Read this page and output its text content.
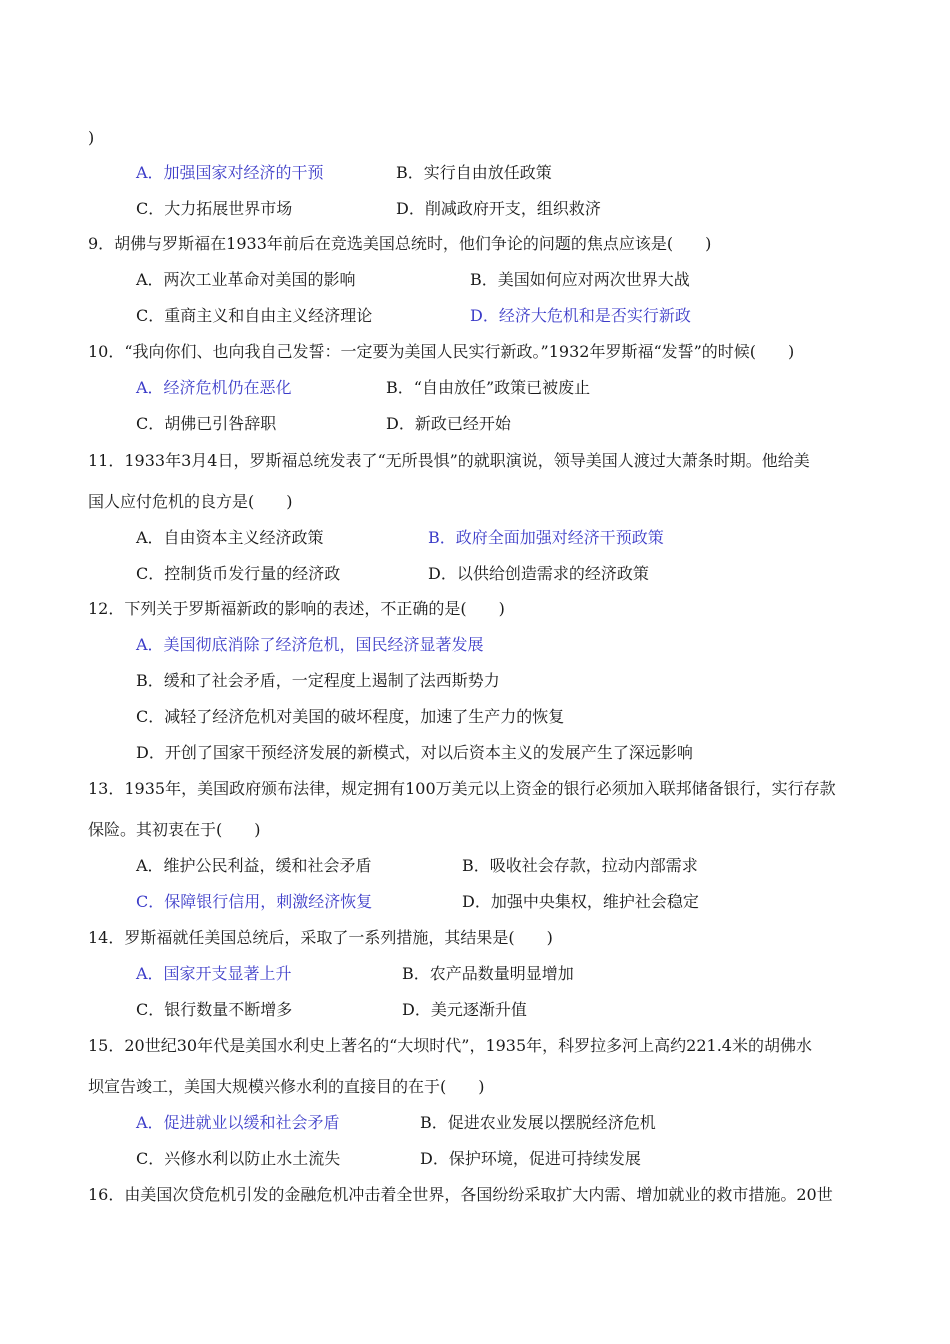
)
A．加强国家对经济的干预	B．实行自由放任政策
C．大力拓展世界市场	D．削减政府开支，组织救济
9．胡佛与罗斯福在1933年前后在竞选美国总统时，他们争论的问题的焦点应该是(　　)
A．两次工业革命对美国的影响	B．美国如何应对两次世界大战
C．重商主义和自由主义经济理论	D．经济大危机和是否实行新政
10．“我向你们、也向我自己发誓：一定要为美国人民实行新政。”1932年罗斯福“发誓”的时候(　　)
A．经济危机仍在恶化	B．“自由放任”政策已被废止
C．胡佛已引咎辞职	D．新政已经开始
11．1933年3月4日，罗斯福总统发表了“无所畏惧”的就职演说，领导美国人渡过大萧条时期。他给美
国人应付危机的良方是(　　)
A．自由资本主义经济政策	B．政府全面加强对经济干预政策
C．控制货币发行量的经济政	D．以供给创造需求的经济政策
12．下列关于罗斯福新政的影响的表述，不正确的是(　　)
A．美国彻底消除了经济危机，国民经济显著发展
B．缓和了社会矛盾，一定程度上遏制了法西斯势力
C．减轻了经济危机对美国的破坏程度，加速了生产力的恢复
D．开创了国家干预经济发展的新模式，对以后资本主义的发展产生了深远影响
13．1935年，美国政府颁布法律，规定拥有100万美元以上资金的银行必须加入联邦储备银行，实行存款
保险。其初衷在于(　　)
A．维护公民利益，缓和社会矛盾	B．吸收社会存款，拉动内部需求
C．保障银行信用，刺激经济恢复	D．加强中央集权，维护社会稳定
14．罗斯福就任美国总统后，采取了一系列措施，其结果是(　　)
A．国家开支显著上升	B．农产品数量明显增加
C．银行数量不断增多	D．美元逐渐升值
15．20世纪30年代是美国水利史上著名的“大坝时代”，1935年，科罗拉多河上高约221.4米的胡佛水
坝宣告竣工，美国大规模兴修水利的直接目的在于(　　)
A．促进就业以缓和社会矛盾	B．促进农业发展以摆脱经济危机
C．兴修水利以防止水土流失	D．保护环境，促进可持续发展
16．由美国次贷危机引发的金融危机冲击着全世界，各国纷纷采取扩大内需、增加就业的救市措施。20世
